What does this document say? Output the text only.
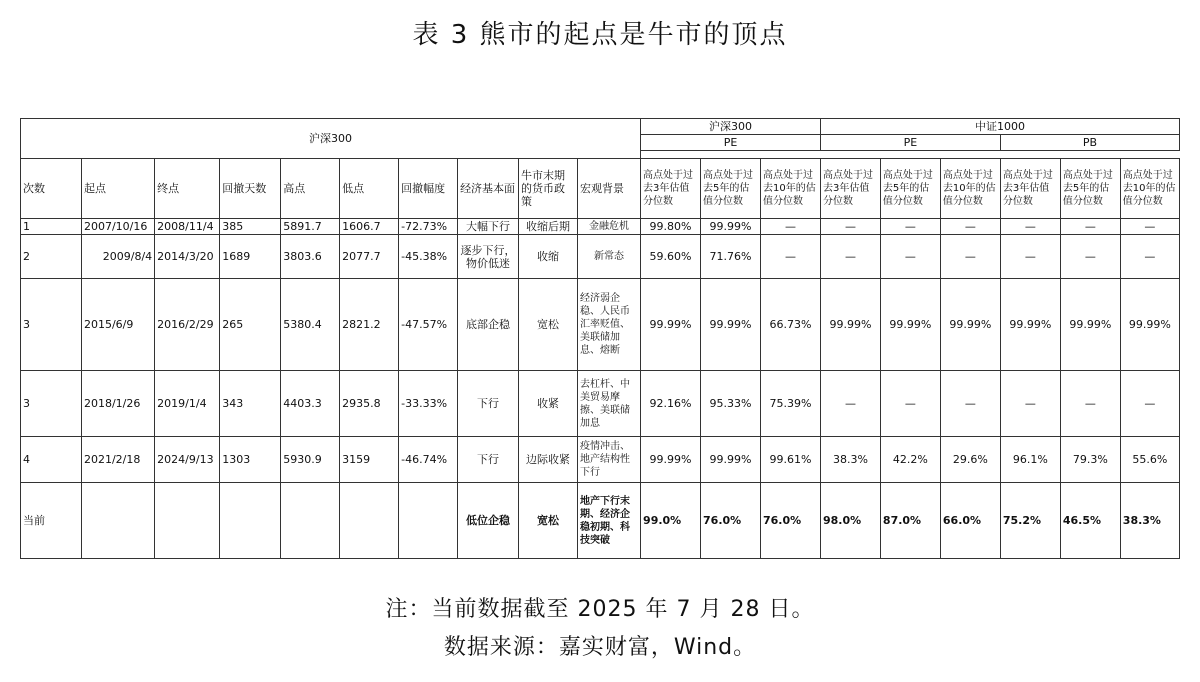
表 3 熊市的起点是牛市的顶点
沪深300										沪深300			中证1000					
										PE			PE			PB		

次数	起点	终点	回撤天数	高点	低点	回撤幅度	经济基本面	牛市末期的货币政策	宏观背景	高点处于过去3年估值分位数	高点处于过去5年的估值分位数	高点处于过去10年的估值分位数	高点处于过去3年估值分位数	高点处于过去5年的估值分位数	高点处于过去10年的估值分位数	高点处于过去3年估值分位数	高点处于过去5年的估值分位数	高点处于过去10年的估值分位数
1	2007/10/16	2008/11/4	385	5891.7	1606.7	-72.73%	大幅下行	收缩后期	金融危机	99.80%	99.99%	—	—	—	—	—	—	—
2	2009/8/4	2014/3/20	1689	3803.6	2077.7	-45.38%	逐步下行，物价低迷	收缩	新常态	59.60%	71.76%	—	—	—	—	—	—	—
3	2015/6/9	2016/2/29	265	5380.4	2821.2	-47.57%	底部企稳	宽松	经济弱企稳、人民币汇率贬值、美联储加息、熔断	99.99%	99.99%	66.73%	99.99%	99.99%	99.99%	99.99%	99.99%	99.99%
3	2018/1/26	2019/1/4	343	4403.3	2935.8	-33.33%	下行	收紧	去杠杆、中美贸易摩擦、美联储加息	92.16%	95.33%	75.39%	—	—	—	—	—	—
4	2021/2/18	2024/9/13	1303	5930.9	3159	-46.74%	下行	边际收紧	疫情冲击、地产结构性下行	99.99%	99.99%	99.61%	38.3%	42.2%	29.6%	96.1%	79.3%	55.6%
当前							低位企稳	宽松	地产下行末期、经济企稳初期、科技突破	99.0%	76.0%	76.0%	98.0%	87.0%	66.0%	75.2%	46.5%	38.3%
注：当前数据截至 2025 年 7 月 28 日。
数据来源：嘉实财富，Wind。
